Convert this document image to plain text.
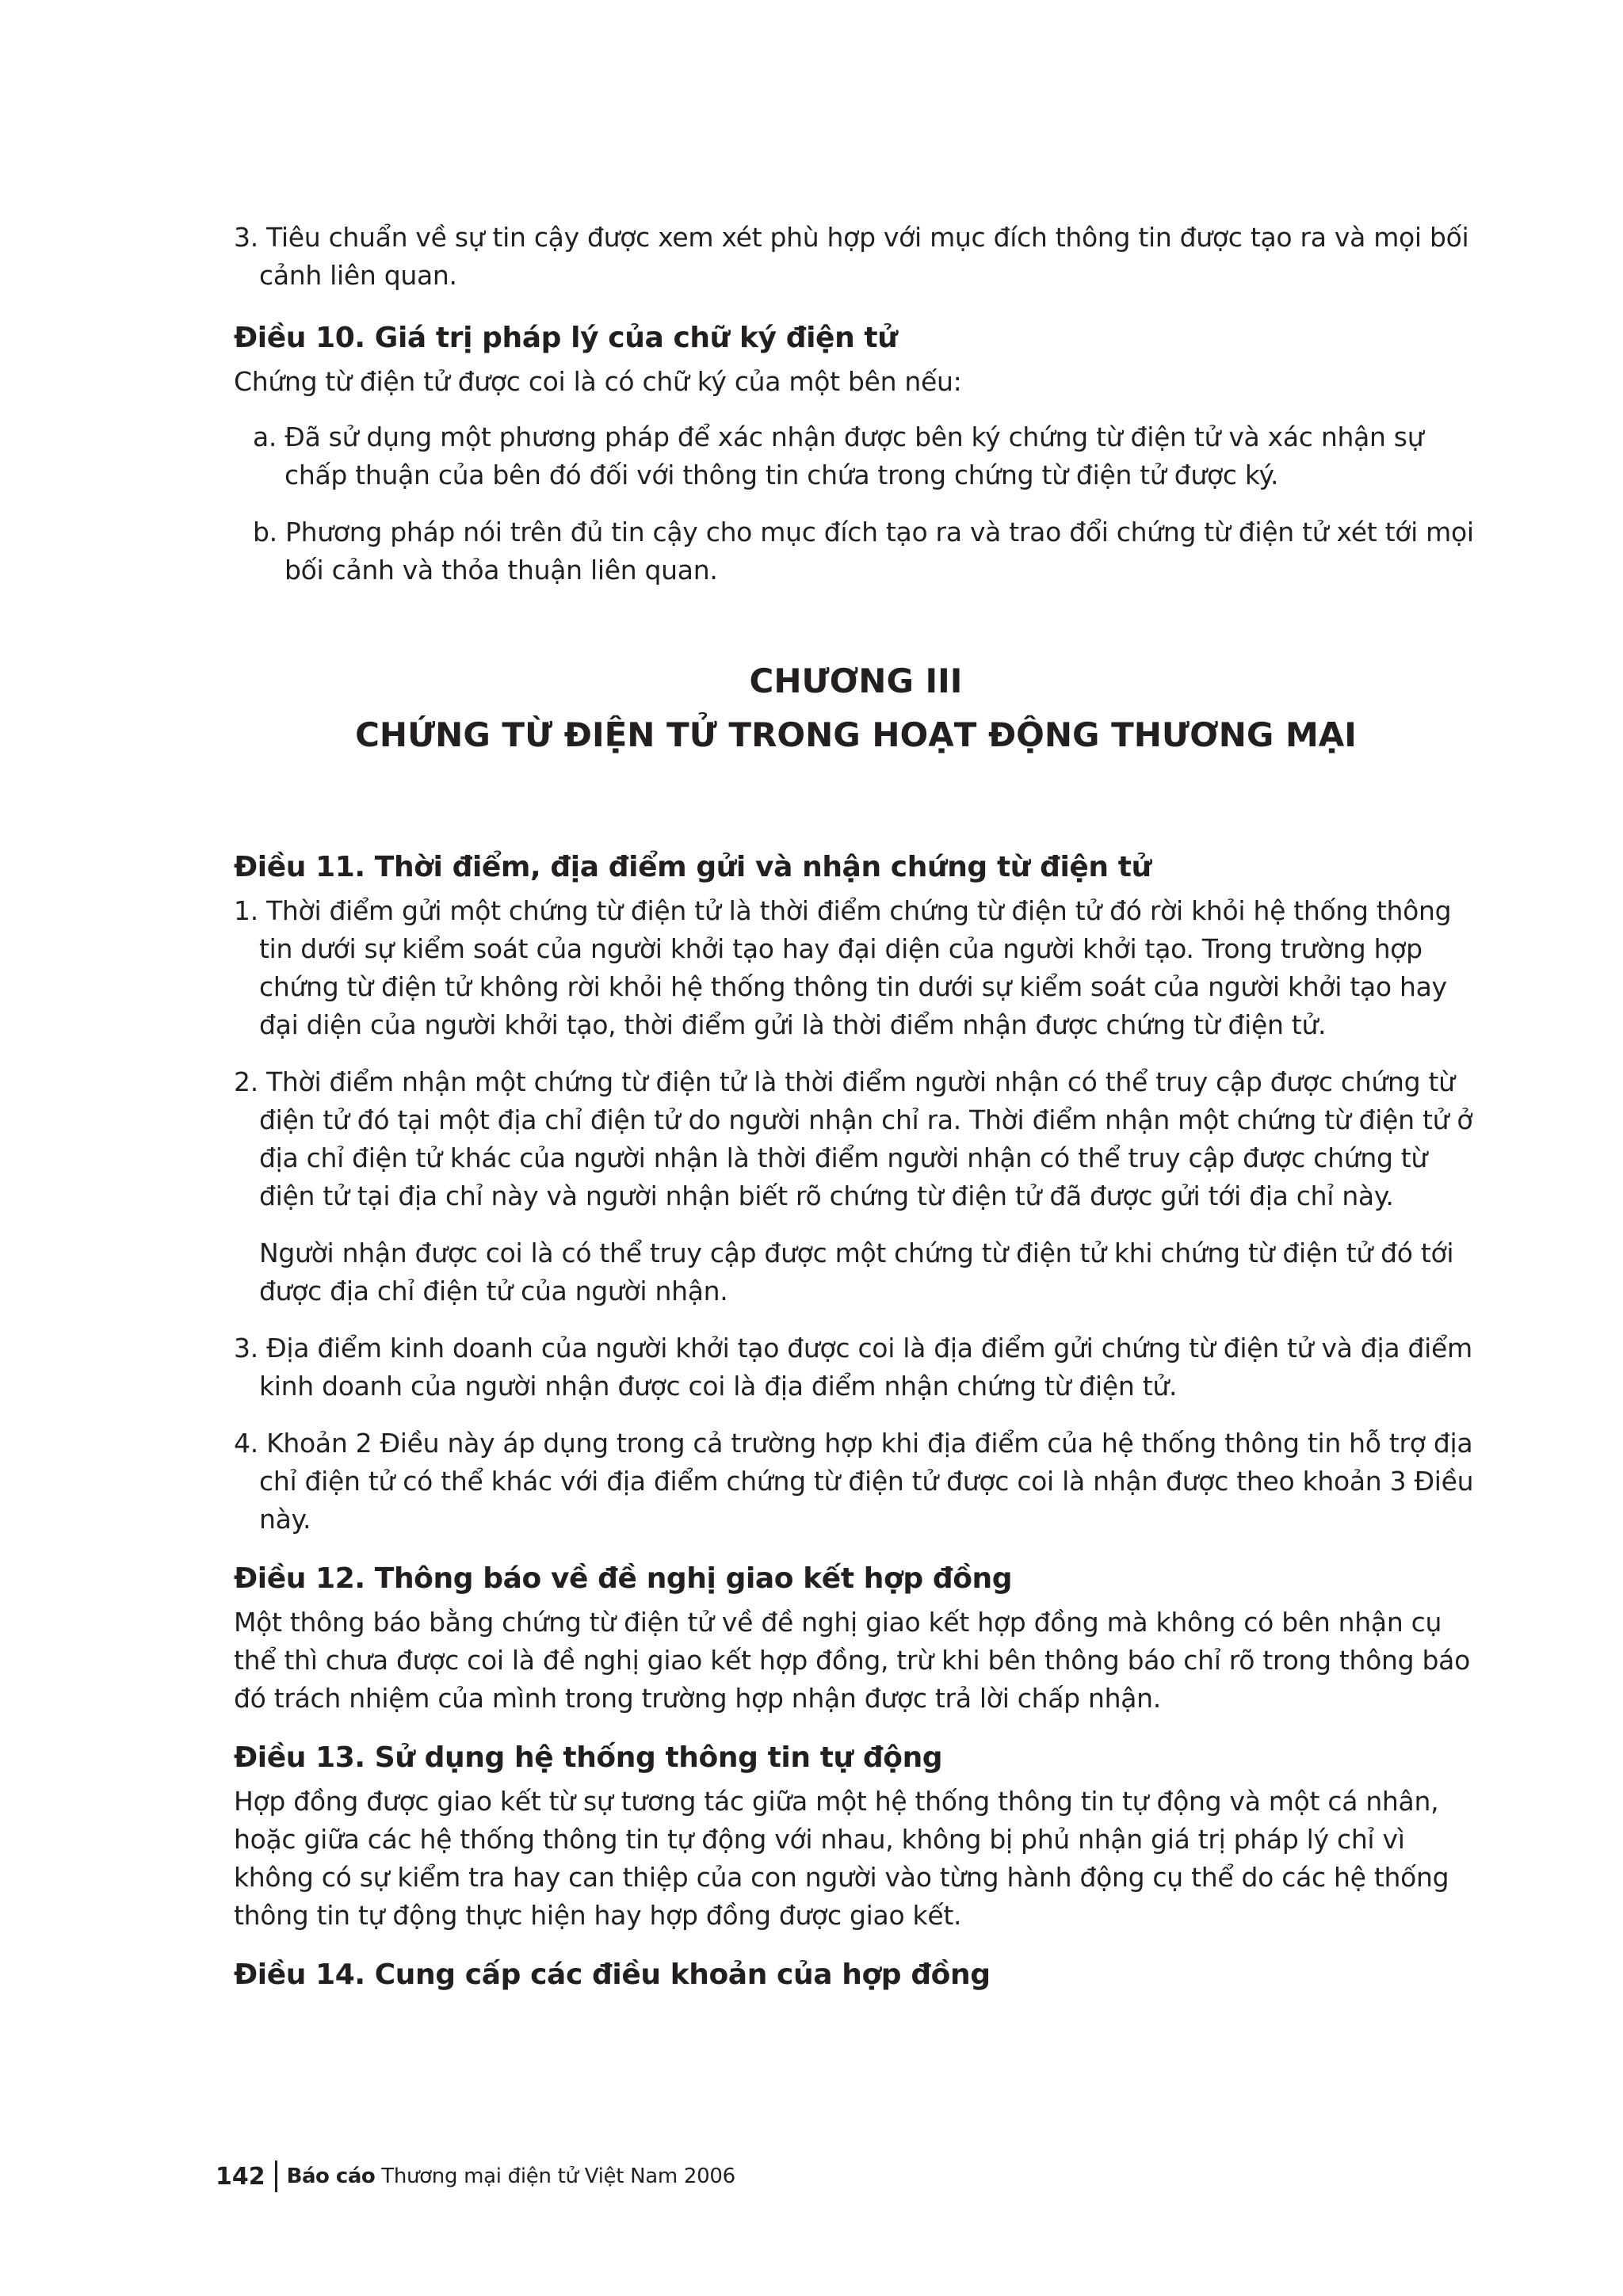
3. Tiêu chuẩn về sự tin cậy được xem xét phù hợp với mục đích thông tin được tạo ra và mọi bối cảnh liên quan.

Điều 10. Giá trị pháp lý của chữ ký điện tử

Chứng từ điện tử được coi là có chữ ký của một bên nếu:

a. Đã sử dụng một phương pháp để xác nhận được bên ký chứng từ điện tử và xác nhận sự chấp thuận của bên đó đối với thông tin chứa trong chứng từ điện tử được ký.

b. Phương pháp nói trên đủ tin cậy cho mục đích tạo ra và trao đổi chứng từ điện tử xét tới mọi bối cảnh và thỏa thuận liên quan.

CHƯƠNG III

CHỨNG TỪ ĐIỆN TỬ TRONG HOẠT ĐỘNG THƯƠNG MẠI

Điều 11. Thời điểm, địa điểm gửi và nhận chứng từ điện tử

1. Thời điểm gửi một chứng từ điện tử là thời điểm chứng từ điện tử đó rời khỏi hệ thống thông tin dưới sự kiểm soát của người khởi tạo hay đại diện của người khởi tạo. Trong trường hợp chứng từ điện tử không rời khỏi hệ thống thông tin dưới sự kiểm soát của người khởi tạo hay đại diện của người khởi tạo, thời điểm gửi là thời điểm nhận được chứng từ điện tử.

2. Thời điểm nhận một chứng từ điện tử là thời điểm người nhận có thể truy cập được chứng từ điện tử đó tại một địa chỉ điện tử do người nhận chỉ ra. Thời điểm nhận một chứng từ điện tử ở địa chỉ điện tử khác của người nhận là thời điểm người nhận có thể truy cập được chứng từ điện tử tại địa chỉ này và người nhận biết rõ chứng từ điện tử đã được gửi tới địa chỉ này.

Người nhận được coi là có thể truy cập được một chứng từ điện tử khi chứng từ điện tử đó tới được địa chỉ điện tử của người nhận.

3. Địa điểm kinh doanh của người khởi tạo được coi là địa điểm gửi chứng từ điện tử và địa điểm kinh doanh của người nhận được coi là địa điểm nhận chứng từ điện tử.

4. Khoản 2 Điều này áp dụng trong cả trường hợp khi địa điểm của hệ thống thông tin hỗ trợ địa chỉ điện tử có thể khác với địa điểm chứng từ điện tử được coi là nhận được theo khoản 3 Điều này.

Điều 12. Thông báo về đề nghị giao kết hợp đồng

Một thông báo bằng chứng từ điện tử về đề nghị giao kết hợp đồng mà không có bên nhận cụ thể thì chưa được coi là đề nghị giao kết hợp đồng, trừ khi bên thông báo chỉ rõ trong thông báo đó trách nhiệm của mình trong trường hợp nhận được trả lời chấp nhận.

Điều 13. Sử dụng hệ thống thông tin tự động

Hợp đồng được giao kết từ sự tương tác giữa một hệ thống thông tin tự động và một cá nhân, hoặc giữa các hệ thống thông tin tự động với nhau, không bị phủ nhận giá trị pháp lý chỉ vì không có sự kiểm tra hay can thiệp của con người vào từng hành động cụ thể do các hệ thống thông tin tự động thực hiện hay hợp đồng được giao kết.

Điều 14. Cung cấp các điều khoản của hợp đồng
142 Báo cáo Thương mại điện tử Việt Nam 2006
